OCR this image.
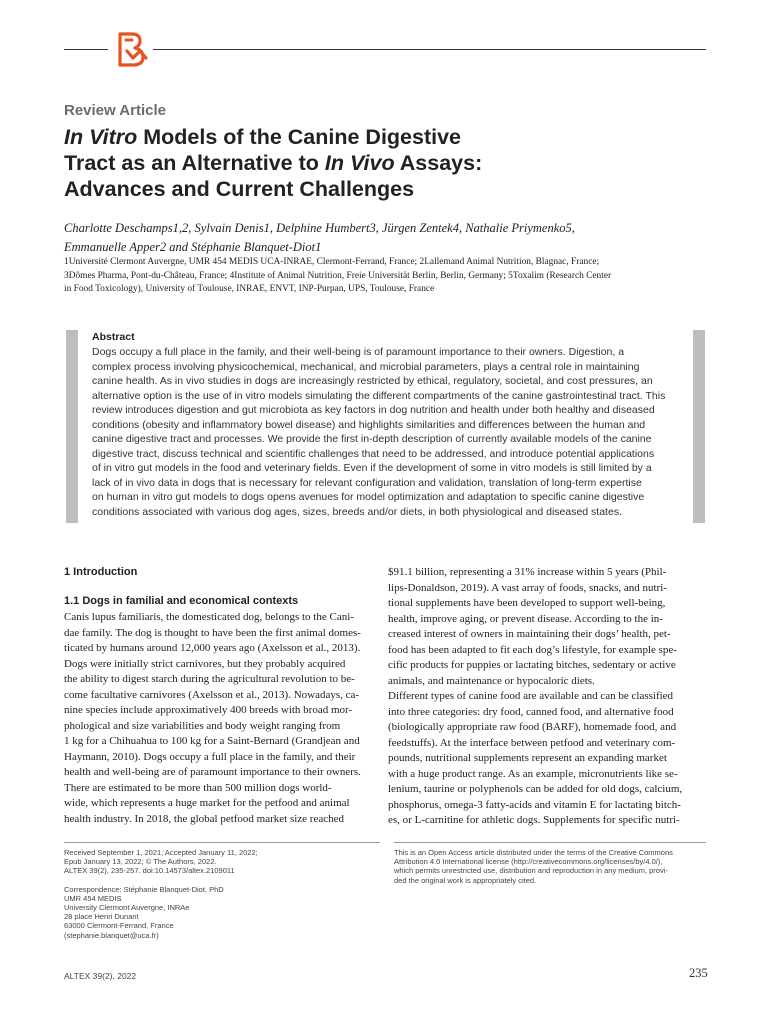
Review Article
In Vitro Models of the Canine Digestive
Tract as an Alternative to In Vivo Assays:
Advances and Current Challenges
Charlotte Deschamps1,2, Sylvain Denis1, Delphine Humbert3, Jürgen Zentek4, Nathalie Priymenko5,
Emmanuelle Apper2 and Stéphanie Blanquet-Diot1
1Université Clermont Auvergne, UMR 454 MEDIS UCA-INRAE, Clermont-Ferrand, France; 2Lallemand Animal Nutrition, Blagnac, France;
3Dômes Pharma, Pont-du-Château, France; 4Institute of Animal Nutrition, Freie Universität Berlin, Berlin, Germany; 5Toxalim (Research Center
in Food Toxicology), University of Toulouse, INRAE, ENVT, INP-Purpan, UPS, Toulouse, France
Abstract
Dogs occupy a full place in the family, and their well-being is of paramount importance to their owners. Digestion, a
complex process involving physicochemical, mechanical, and microbial parameters, plays a central role in maintaining
canine health. As in vivo studies in dogs are increasingly restricted by ethical, regulatory, societal, and cost pressures, an
alternative option is the use of in vitro models simulating the different compartments of the canine gastrointestinal tract. This
review introduces digestion and gut microbiota as key factors in dog nutrition and health under both healthy and diseased
conditions (obesity and inflammatory bowel disease) and highlights similarities and differences between the human and
canine digestive tract and processes. We provide the first in-depth description of currently available models of the canine
digestive tract, discuss technical and scientific challenges that need to be addressed, and introduce potential applications
of in vitro gut models in the food and veterinary fields. Even if the development of some in vitro models is still limited by a
lack of in vivo data in dogs that is necessary for relevant configuration and validation, translation of long-term expertise
on human in vitro gut models to dogs opens avenues for model optimization and adaptation to specific canine digestive
conditions associated with various dog ages, sizes, breeds and/or diets, in both physiological and diseased states.
1 Introduction
1.1 Dogs in familial and economical contexts
Canis lupus familiaris, the domesticated dog, belongs to the Cani-
dae family. The dog is thought to have been the first animal domes-
ticated by humans around 12,000 years ago (Axelsson et al., 2013).
Dogs were initially strict carnivores, but they probably acquired
the ability to digest starch during the agricultural revolution to be-
come facultative carnivores (Axelsson et al., 2013). Nowadays, ca-
nine species include approximatively 400 breeds with broad mor-
phological and size variabilities and body weight ranging from
1 kg for a Chihuahua to 100 kg for a Saint-Bernard (Grandjean and
Haymann, 2010). Dogs occupy a full place in the family, and their
health and well-being are of paramount importance to their owners.
There are estimated to be more than 500 million dogs world-
wide, which represents a huge market for the petfood and animal
health industry. In 2018, the global petfood market size reached
$91.1 billion, representing a 31% increase within 5 years (Phil-
lips-Donaldson, 2019). A vast array of foods, snacks, and nutri-
tional supplements have been developed to support well-being,
health, improve aging, or prevent disease. According to the in-
creased interest of owners in maintaining their dogs’ health, pet-
food has been adapted to fit each dog’s lifestyle, for example spe-
cific products for puppies or lactating bitches, sedentary or active
animals, and maintenance or hypocaloric diets.
Different types of canine food are available and can be classified
into three categories: dry food, canned food, and alternative food
(biologically appropriate raw food (BARF), homemade food, and
feedstuffs). At the interface between petfood and veterinary com-
pounds, nutritional supplements represent an expanding market
with a huge product range. As an example, micronutrients like se-
lenium, taurine or polyphenols can be added for old dogs, calcium,
phosphorus, omega-3 fatty-acids and vitamin E for lactating bitch-
es, or L-carnitine for athletic dogs. Supplements for specific nutri-
Received September 1, 2021; Accepted January 11, 2022;
Epub January 13, 2022; © The Authors, 2022.
ALTEX 39(2), 235-257. doi:10.14573/altex.2109011
Correspondence: Stéphanie Blanquet-Diot, PhD
UMR 454 MEDIS
University Clermont Auvergne, INRAe
28 place Henri Dunant
63000 Clermont-Ferrand, France
(stephanie.blanquet@uca.fr)
This is an Open Access article distributed under the terms of the Creative Commons
Attribution 4.0 International license (http://creativecommons.org/licenses/by/4.0/),
which permits unrestricted use, distribution and reproduction in any medium, provi-
ded the original work is appropriately cited.
ALTEX 39(2), 2022	235
